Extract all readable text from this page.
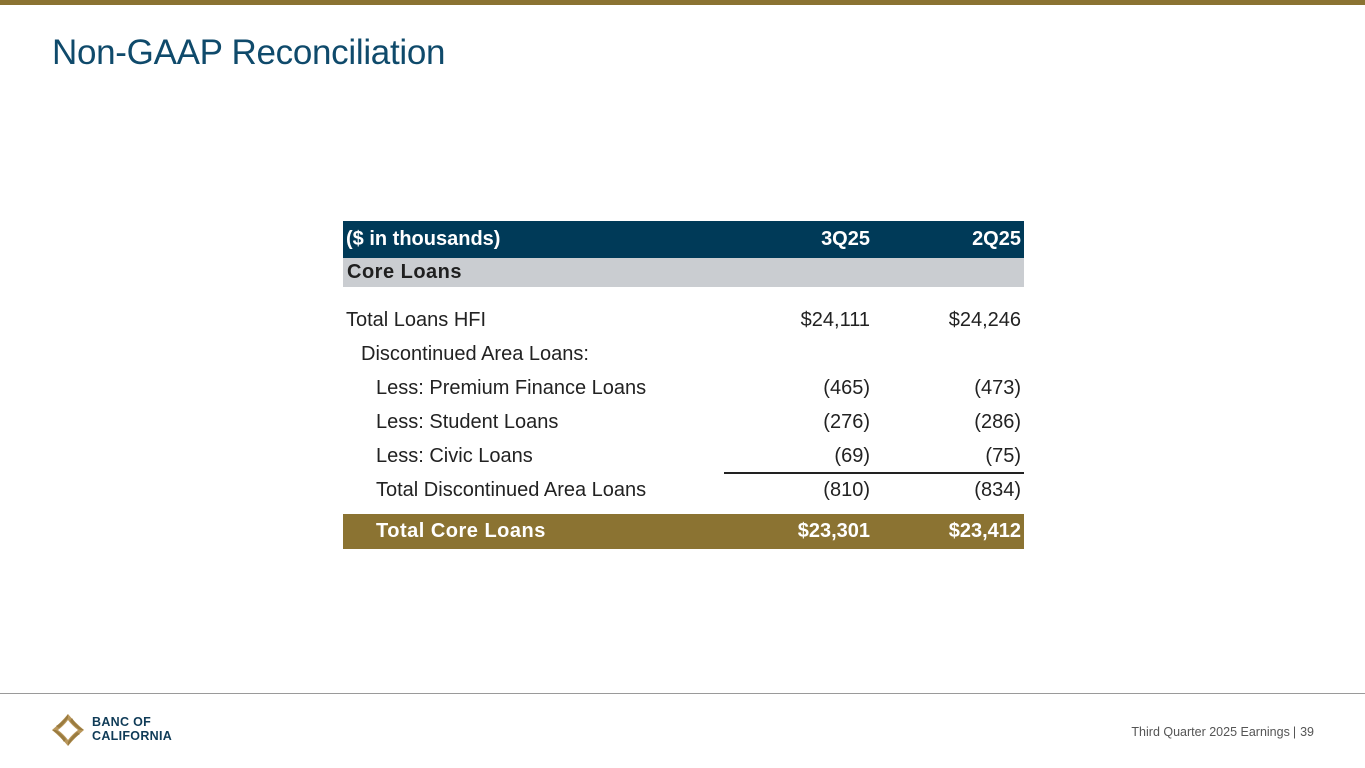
Non-GAAP Reconciliation
($ in thousands)	3Q25	2Q25
Core Loans
Total Loans HFI	$24,111	$24,246
Discontinued Area Loans:
Less: Premium Finance Loans	(465)	(473)
Less: Student Loans	(276)	(286)
Less: Civic Loans	(69)	(75)
Total Discontinued Area Loans	(810)	(834)
Total Core Loans	$23,301	$23,412
BANC OF
CALIFORNIA	Third Quarter 2025 Earnings | 39
